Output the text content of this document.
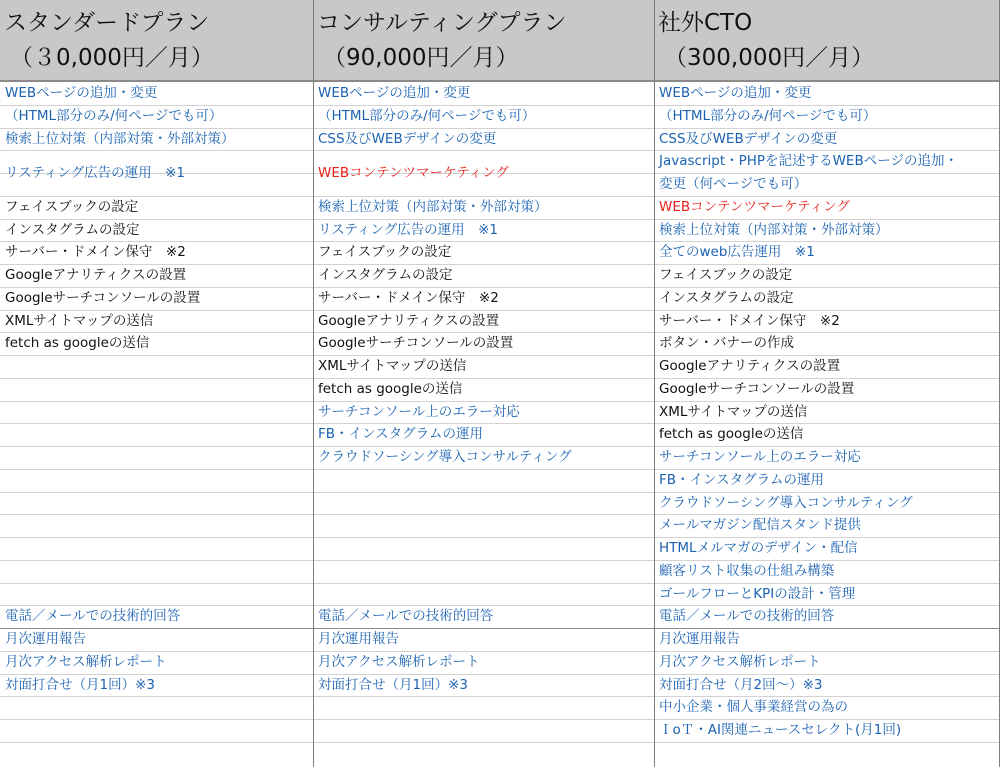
スタンダードプラン
（３0,000円／月）
コンサルティングプラン
（90,000円／月）
社外CTO
（300,000円／月）
WEBページの追加・変更
（HTML部分のみ/何ページでも可）
検索上位対策（内部対策・外部対策）
リスティング広告の運用　※1
フェイスブックの設定
インスタグラムの設定
サーバー・ドメイン保守　※2
Googleアナリティクスの設置
Googleサーチコンソールの設置
XMLサイトマップの送信
fetch as googleの送信
電話／メールでの技術的回答
月次運用報告
月次アクセス解析レポート
対面打合せ（月1回）※3
WEBページの追加・変更
（HTML部分のみ/何ページでも可）
CSS及びWEBデザインの変更
WEBコンテンツマーケティング
検索上位対策（内部対策・外部対策）
リスティング広告の運用　※1
フェイスブックの設定
インスタグラムの設定
サーバー・ドメイン保守　※2
Googleアナリティクスの設置
Googleサーチコンソールの設置
XMLサイトマップの送信
fetch as googleの送信
サーチコンソール上のエラー対応
FB・インスタグラムの運用
クラウドソーシング導入コンサルティング
電話／メールでの技術的回答
月次運用報告
月次アクセス解析レポート
対面打合せ（月1回）※3
WEBページの追加・変更
（HTML部分のみ/何ページでも可）
CSS及びWEBデザインの変更
Javascript・PHPを記述するWEBページの追加・
変更（何ページでも可）
WEBコンテンツマーケティング
検索上位対策（内部対策・外部対策）
全てのweb広告運用　※1
フェイスブックの設定
インスタグラムの設定
サーバー・ドメイン保守　※2
ボタン・バナーの作成
Googleアナリティクスの設置
Googleサーチコンソールの設置
XMLサイトマップの送信
fetch as googleの送信
サーチコンソール上のエラー対応
FB・インスタグラムの運用
クラウドソーシング導入コンサルティング
メールマガジン配信スタンド提供
HTMLメルマガのデザイン・配信
顧客リスト収集の仕組み構築
ゴールフローとKPIの設計・管理
電話／メールでの技術的回答
月次運用報告
月次アクセス解析レポート
対面打合せ（月2回〜）※3
中小企業・個人事業経営の為の
ＩoＴ・AI関連ニュースセレクト(月1回)
